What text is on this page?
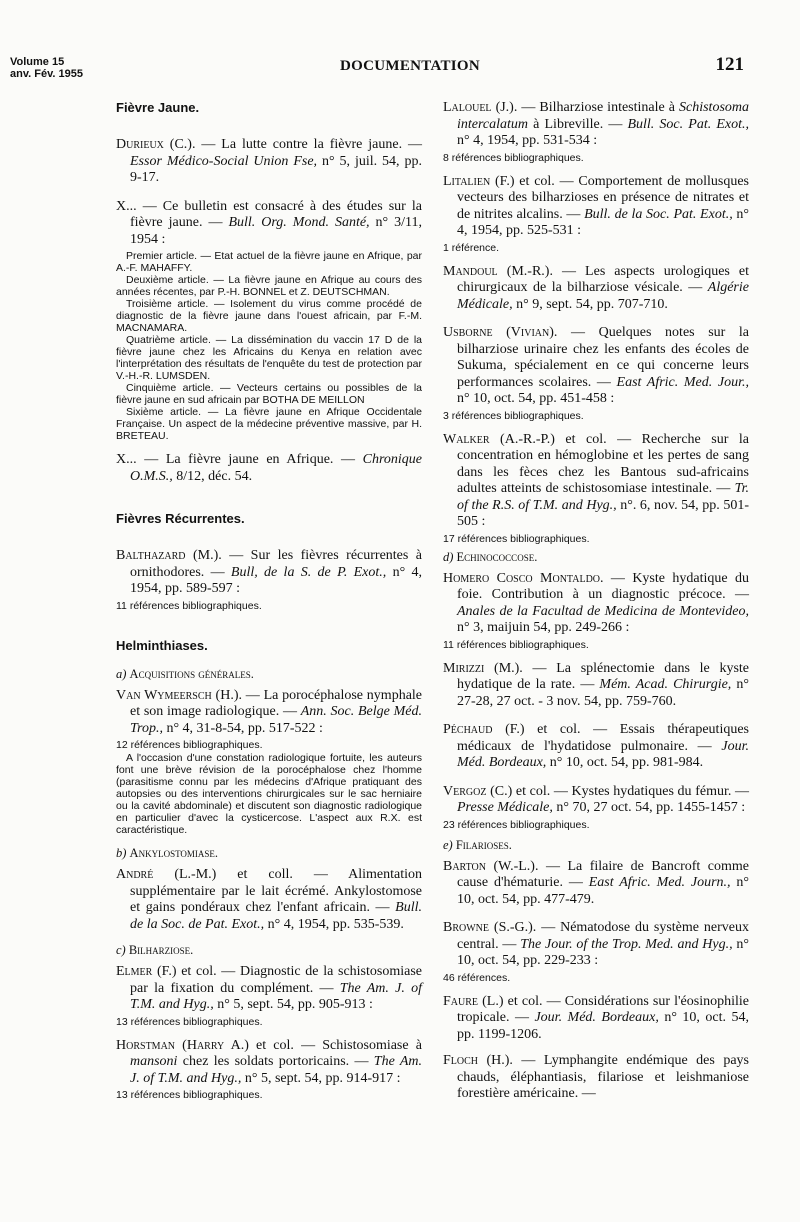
Volume 15
anv. Fév. 1955	DOCUMENTATION	121
Fièvre Jaune.

Durieux (C.). — La lutte contre la fièvre jaune. — Essor Médico-Social Union Fse, n° 5, juil. 54, pp. 9-17.

X... — Ce bulletin est consacré à des études sur la fièvre jaune. — Bull. Org. Mond. Santé, n° 3/11, 1954 :

Premier article. — Etat actuel de la fièvre jaune en Afrique, par A.-F. MAHAFFY.
Deuxième article. — La fièvre jaune en Afrique au cours des années récentes, par P.-H. BONNEL et Z. DEUTSCHMAN.
Troisième article. — Isolement du virus comme procédé de diagnostic de la fièvre jaune dans l'ouest africain, par F.-M. MACNAMARA.
Quatrième article. — La dissémination du vaccin 17 D de la fièvre jaune chez les Africains du Kenya en relation avec l'interprétation des résultats de l'enquête du test de protection par V.-H.-R. LUMSDEN.
Cinquième article. — Vecteurs certains ou possibles de la fièvre jaune en sud africain par BOTHA DE MEILLON
Sixième article. — La fièvre jaune en Afrique Occidentale Française. Un aspect de la médecine préventive massive, par H. BRETEAU.

X... — La fièvre jaune en Afrique. — Chronique O.M.S., 8/12, déc. 54.

Fièvres Récurrentes.

Balthazard (M.). — Sur les fièvres récurrentes à ornithodores. — Bull, de la S. de P. Exot., n° 4, 1954, pp. 589-597 :

11 références bibliographiques.
Helminthiases.
a) Acquisitions générales.

Van Wymeersch (H.). — La porocéphalose nymphale et son image radiologique. — Ann. Soc. Belge Méd. Trop., n° 4, 31-8-54, pp. 517-522 :

12 références bibliographiques.
A l'occasion d'une constation radiologique fortuite, les auteurs font une brève révision de la porocéphalose chez l'homme (parasitisme connu par les médecins d'Afrique pratiquant des autopsies ou des interventions chirurgicales sur le sac herniaire ou la cavité abdominale) et discutent son diagnostic radiologique en particulier d'avec la cysticercose. L'aspect aux R.X. est caractéristique.
b) Ankylostomiase.

André (L.-M.) et coll. — Alimentation supplémentaire par le lait écrémé. Ankylostomose et gains pondéraux chez l'enfant africain. — Bull. de la Soc. de Pat. Exot., n° 4, 1954, pp. 535-539.

c) Bilharziose.

Elmer (F.) et col. — Diagnostic de la schistosomiase par la fixation du complément. — The Am. J. of T.M. and Hyg., n° 5, sept. 54, pp. 905-913 :

13 références bibliographiques.

Horstman (Harry A.) et col. — Schistosomiase à mansoni chez les soldats portoricains. — The Am. J. of T.M. and Hyg., n° 5, sept. 54, pp. 914-917 :

13 références bibliographiques.

Lalouel (J.). — Bilharziose intestinale à Schistosoma intercalatum à Libreville. — Bull. Soc. Pat. Exot., n° 4, 1954, pp. 531-534 :

8 références bibliographiques.

Litalien (F.) et col. — Comportement de mollusques vecteurs des bilharzioses en présence de nitrates et de nitrites alcalins. — Bull. de la Soc. Pat. Exot., n° 4, 1954, pp. 525-531 :

1 référence.

Mandoul (M.-R.). — Les aspects urologiques et chirurgicaux de la bilharziose vésicale. — Algérie Médicale, n° 9, sept. 54, pp. 707-710.

Usborne (Vivian). — Quelques notes sur la bilharziose urinaire chez les enfants des écoles de Sukuma, spécialement en ce qui concerne leurs performances scolaires. — East Afric. Med. Jour., n° 10, oct. 54, pp. 451-458 :

3 références bibliographiques.

Walker (A.-R.-P.) et col. — Recherche sur la concentration en hémoglobine et les pertes de sang dans les fèces chez les Bantous sud-africains adultes atteints de schistosomiase intestinale. — Tr. of the R.S. of T.M. and Hyg., n°. 6, nov. 54, pp. 501-505 :

17 références bibliographiques.
d) Echinococcose.

Homero Cosco Montaldo. — Kyste hydatique du foie. Contribution à un diagnostic précoce. — Anales de la Facultad de Medicina de Montevideo, n° 3, maijuin 54, pp. 249-266 :

11 références bibliographiques.

Mirizzi (M.). — La splénectomie dans le kyste hydatique de la rate. — Mém. Acad. Chirurgie, n° 27-28, 27 oct. - 3 nov. 54, pp. 759-760.

Péchaud (F.) et col. — Essais thérapeutiques médicaux de l'hydatidose pulmonaire. — Jour. Méd. Bordeaux, n° 10, oct. 54, pp. 981-984.

Vergoz (C.) et col. — Kystes hydatiques du fémur. — Presse Médicale, n° 70, 27 oct. 54, pp. 1455-1457 :

23 références bibliographiques.
e) Filarioses.

Barton (W.-L.). — La filaire de Bancroft comme cause d'hématurie. — East Afric. Med. Journ., n° 10, oct. 54, pp. 477-479.

Browne (S.-G.). — Nématodose du système nerveux central. — The Jour. of the Trop. Med. and Hyg., n° 10, oct. 54, pp. 229-233 :

46 références.

Faure (L.) et col. — Considérations sur l'éosinophilie tropicale. — Jour. Méd. Bordeaux, n° 10, oct. 54, pp. 1199-1206.

Floch (H.). — Lymphangite endémique des pays chauds, éléphantiasis, filariose et leishmaniose forestière américaine. —
